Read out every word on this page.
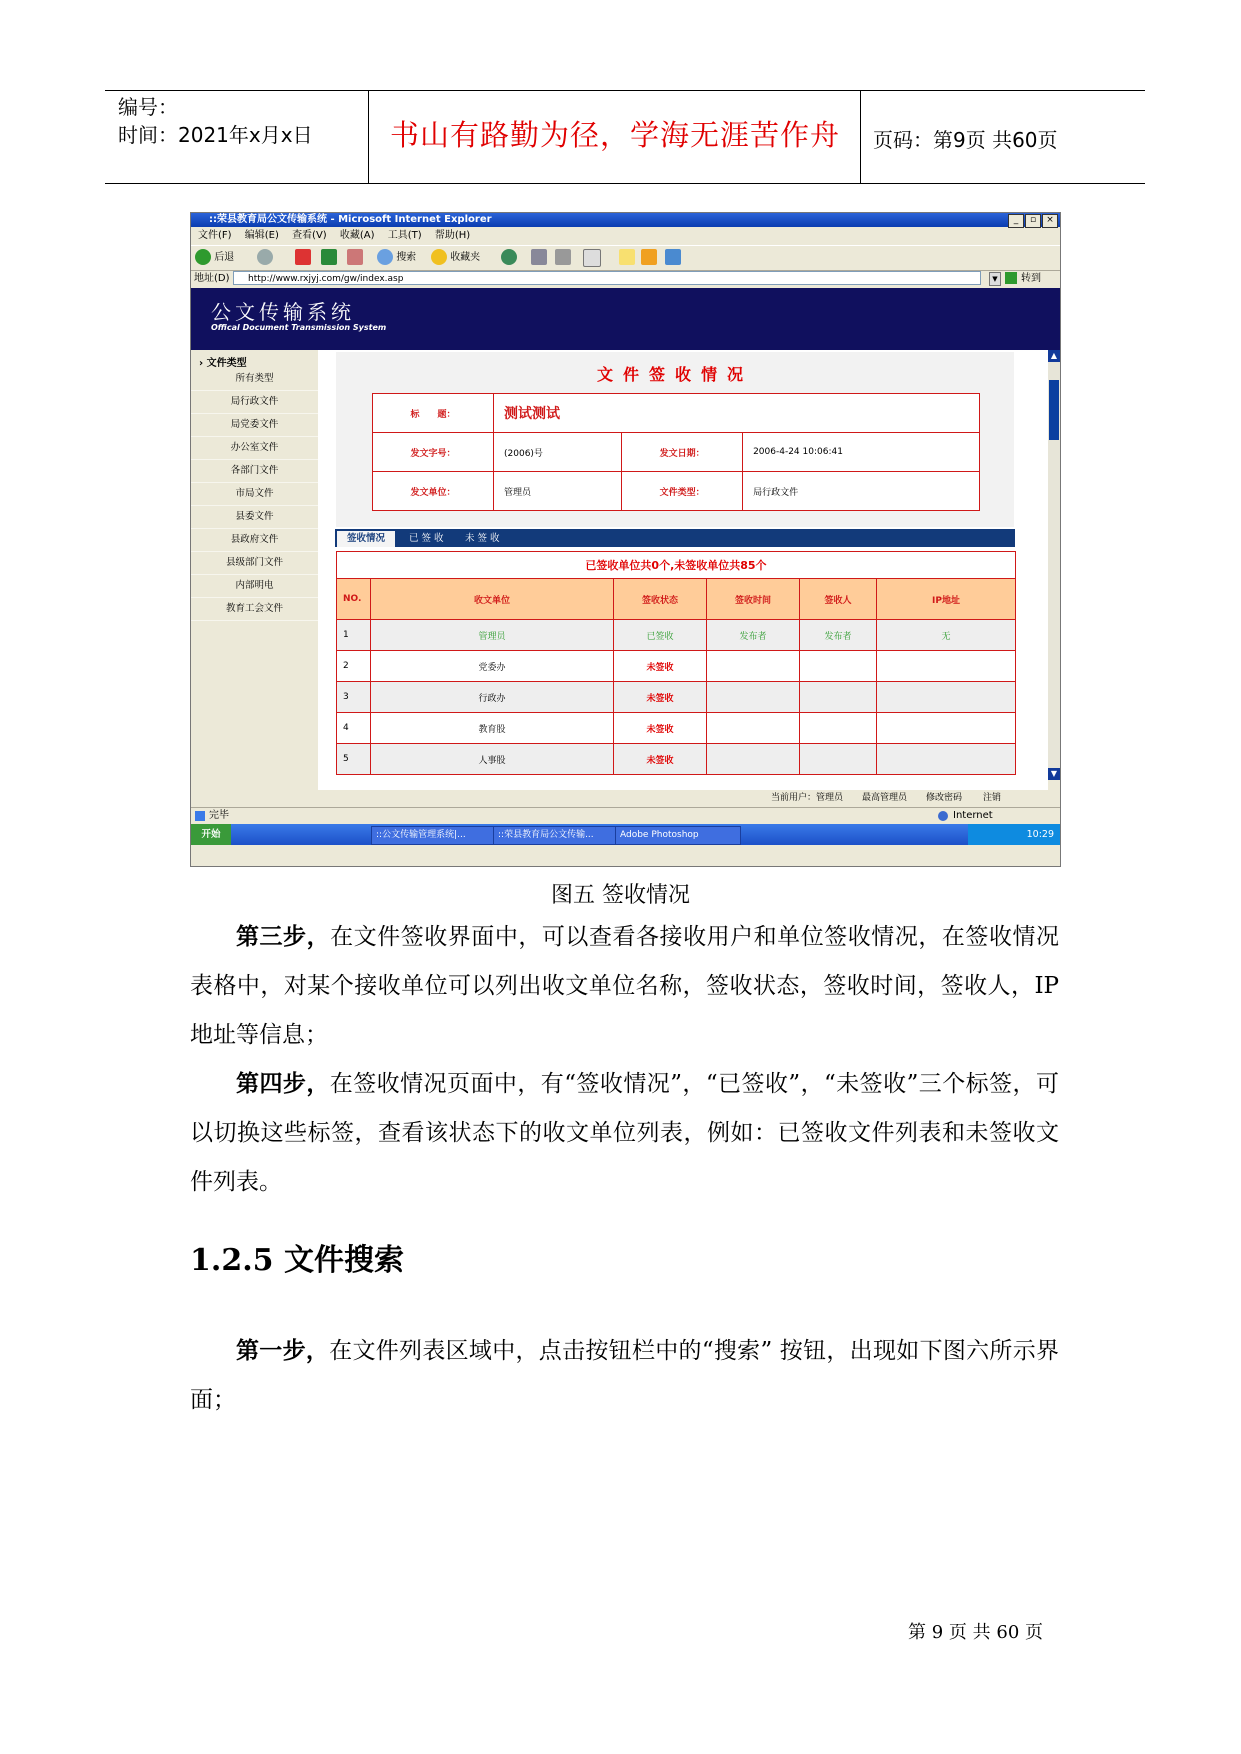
编号：
时间：2021年x月x日	书山有路勤为径，学海无涯苦作舟	页码：第9页 共60页
::荣县教育局公文传输系统 - Microsoft Internet Explorer	_	▫	×
文件(F) 编辑(E) 查看(V) 收藏(A) 工具(T) 帮助(H)
后退	搜索	收藏夹
地址(D)	http://www.rxjyj.com/gw/index.asp	▼	转到
公文传输系统
Offical Document Transmission System
› 文件类型
所有类型
局行政文件
局党委文件
办公室文件
各部门文件
市局文件
县委文件
县政府文件
县级部门文件
内部明电
教育工会文件
文件签收情况
标　　题：	测试测试		
发文字号：	(2006)号	发文日期：	2006-4-24 10:06:41
发文单位：	管理员	文件类型：	局行政文件
签收情况	已 签 收	未 签 收
已签收单位共0个,未签收单位共85个					
NO.	收文单位	签收状态	签收时间	签收人	IP地址
1	管理员	已签收	发布者	发布者	无
2	党委办	未签收			
3	行政办	未签收			
4	教育股	未签收			
5	人事股	未签收			
▲
▼
当前用户：管理员 最高管理员 修改密码 注销
完毕	Internet
开始	::公文传输管理系统|...	::荣县教育局公文传输...	Adobe Photoshop	10:29
图五 签收情况
第三步，在文件签收界面中，可以查看各接收用户和单位签收情况，在签收情况表格中，对某个接收单位可以列出收文单位名称，签收状态，签收时间，签收人，IP地址等信息；
第四步，在签收情况页面中，有“签收情况”，“已签收”，“未签收”三个标签，可以切换这些标签，查看该状态下的收文单位列表，例如：已签收文件列表和未签收文件列表。
1.2.5 文件搜索
第一步，在文件列表区域中，点击按钮栏中的“搜索” 按钮，出现如下图六所示界面；
第 9 页 共 60 页
